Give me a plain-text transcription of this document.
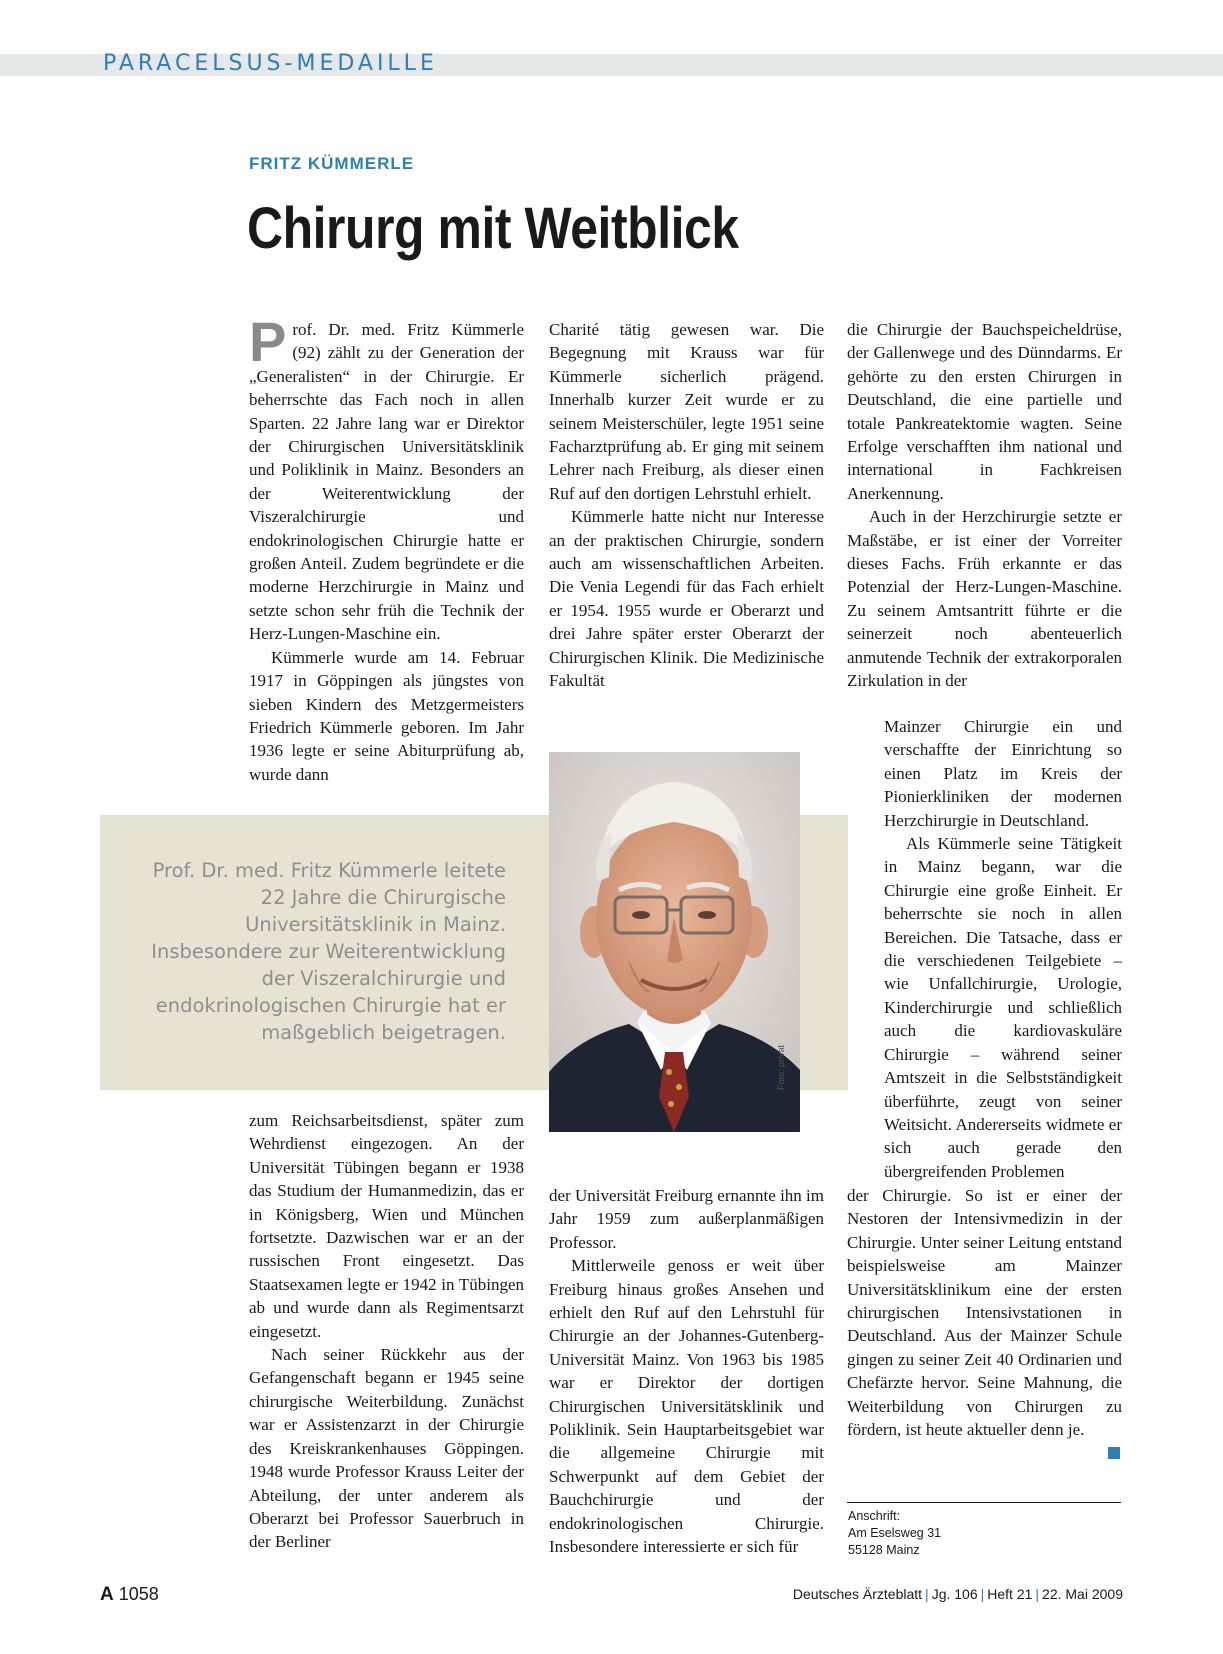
PARACELSUS-MEDAILLE
FRITZ KÜMMERLE
Chirurg mit Weitblick

Prof. Dr. med. Fritz Kümmerle (92) zählt zu der Generation der „Generalisten“ in der Chirurgie. Er beherrschte das Fach noch in allen Sparten. 22 Jahre lang war er Direktor der Chirurgischen Universitätsklinik und Poliklinik in Mainz. Besonders an der Weiterentwicklung der Viszeralchirurgie und endokrinologischen Chirurgie hatte er großen Anteil. Zudem begründete er die moderne Herzchirurgie in Mainz und setzte schon sehr früh die Technik der Herz-Lungen-Maschine ein.

Kümmerle wurde am 14. Februar 1917 in Göppingen als jüngstes von sieben Kindern des Metzgermeisters Friedrich Kümmerle geboren. Im Jahr 1936 legte er seine Abiturprüfung ab, wurde dann

Prof. Dr. med. Fritz Kümmerle leitete 22 Jahre die Chirurgische Universitätsklinik in Mainz. Insbesondere zur Weiterentwicklung der Viszeralchirurgie und endokrinologischen Chirurgie hat er maßgeblich beigetragen.

zum Reichsarbeitsdienst, später zum Wehrdienst eingezogen. An der Universität Tübingen begann er 1938 das Studium der Humanmedizin, das er in Königsberg, Wien und München fortsetzte. Dazwischen war er an der russischen Front eingesetzt. Das Staatsexamen legte er 1942 in Tübingen ab und wurde dann als Regimentsarzt eingesetzt.

Nach seiner Rückkehr aus der Gefangenschaft begann er 1945 seine chirurgische Weiterbildung. Zunächst war er Assistenzarzt in der Chirurgie des Kreiskrankenhauses Göppingen. 1948 wurde Professor Krauss Leiter der Abteilung, der unter anderem als Oberarzt bei Professor Sauerbruch in der Berliner

Charité tätig gewesen war. Die Begegnung mit Krauss war für Kümmerle sicherlich prägend. Innerhalb kurzer Zeit wurde er zu seinem Meisterschüler, legte 1951 seine Facharztprüfung ab. Er ging mit seinem Lehrer nach Freiburg, als dieser einen Ruf auf den dortigen Lehrstuhl erhielt.

Kümmerle hatte nicht nur Interesse an der praktischen Chirurgie, sondern auch am wissenschaftlichen Arbeiten. Die Venia Legendi für das Fach erhielt er 1954. 1955 wurde er Oberarzt und drei Jahre später erster Oberarzt der Chirurgischen Klinik. Die Medizinische Fakultät

Foto: privat

der Universität Freiburg ernannte ihn im Jahr 1959 zum außerplanmäßigen Professor.

Mittlerweile genoss er weit über Freiburg hinaus großes Ansehen und erhielt den Ruf auf den Lehrstuhl für Chirurgie an der Johannes-Gutenberg-Universität Mainz. Von 1963 bis 1985 war er Direktor der dortigen Chirurgischen Universitätsklinik und Poliklinik. Sein Hauptarbeitsgebiet war die allgemeine Chirurgie mit Schwerpunkt auf dem Gebiet der Bauchchirurgie und der endokrinologischen Chirurgie. Insbesondere interessierte er sich für

die Chirurgie der Bauchspeicheldrüse, der Gallenwege und des Dünndarms. Er gehörte zu den ersten Chirurgen in Deutschland, die eine partielle und totale Pankreatektomie wagten. Seine Erfolge verschafften ihm national und international in Fachkreisen Anerkennung.

Auch in der Herzchirurgie setzte er Maßstäbe, er ist einer der Vorreiter dieses Fachs. Früh erkannte er das Potenzial der Herz-Lungen-Maschine. Zu seinem Amtsantritt führte er die seinerzeit noch abenteuerlich anmutende Technik der extrakorporalen Zirkulation in der

Mainzer Chirurgie ein und verschaffte der Einrichtung so einen Platz im Kreis der Pionierkliniken der modernen Herzchirurgie in Deutschland.

Als Kümmerle seine Tätigkeit in Mainz begann, war die Chirurgie eine große Einheit. Er beherrschte sie noch in allen Bereichen. Die Tatsache, dass er die verschiedenen Teilgebiete – wie Unfallchirurgie, Urologie, Kinderchirurgie und schließlich auch die kardiovaskuläre Chirurgie – während seiner Amtszeit in die Selbstständigkeit überführte, zeugt von seiner Weitsicht. Andererseits widmete er sich auch gerade den übergreifenden Problemen

der Chirurgie. So ist er einer der Nestoren der Intensivmedizin in der Chirurgie. Unter seiner Leitung entstand beispielsweise am Mainzer Universitätsklinikum eine der ersten chirurgischen Intensivstationen in Deutschland. Aus der Mainzer Schule gingen zu seiner Zeit 40 Ordinarien und Chefärzte hervor. Seine Mahnung, die Weiterbildung von Chirurgen zu fördern, ist heute aktueller denn je.

Anschrift:
Am Eselsweg 31
55128 Mainz
A 1058	Deutsches Ärzteblatt | Jg. 106 | Heft 21 | 22. Mai 2009
